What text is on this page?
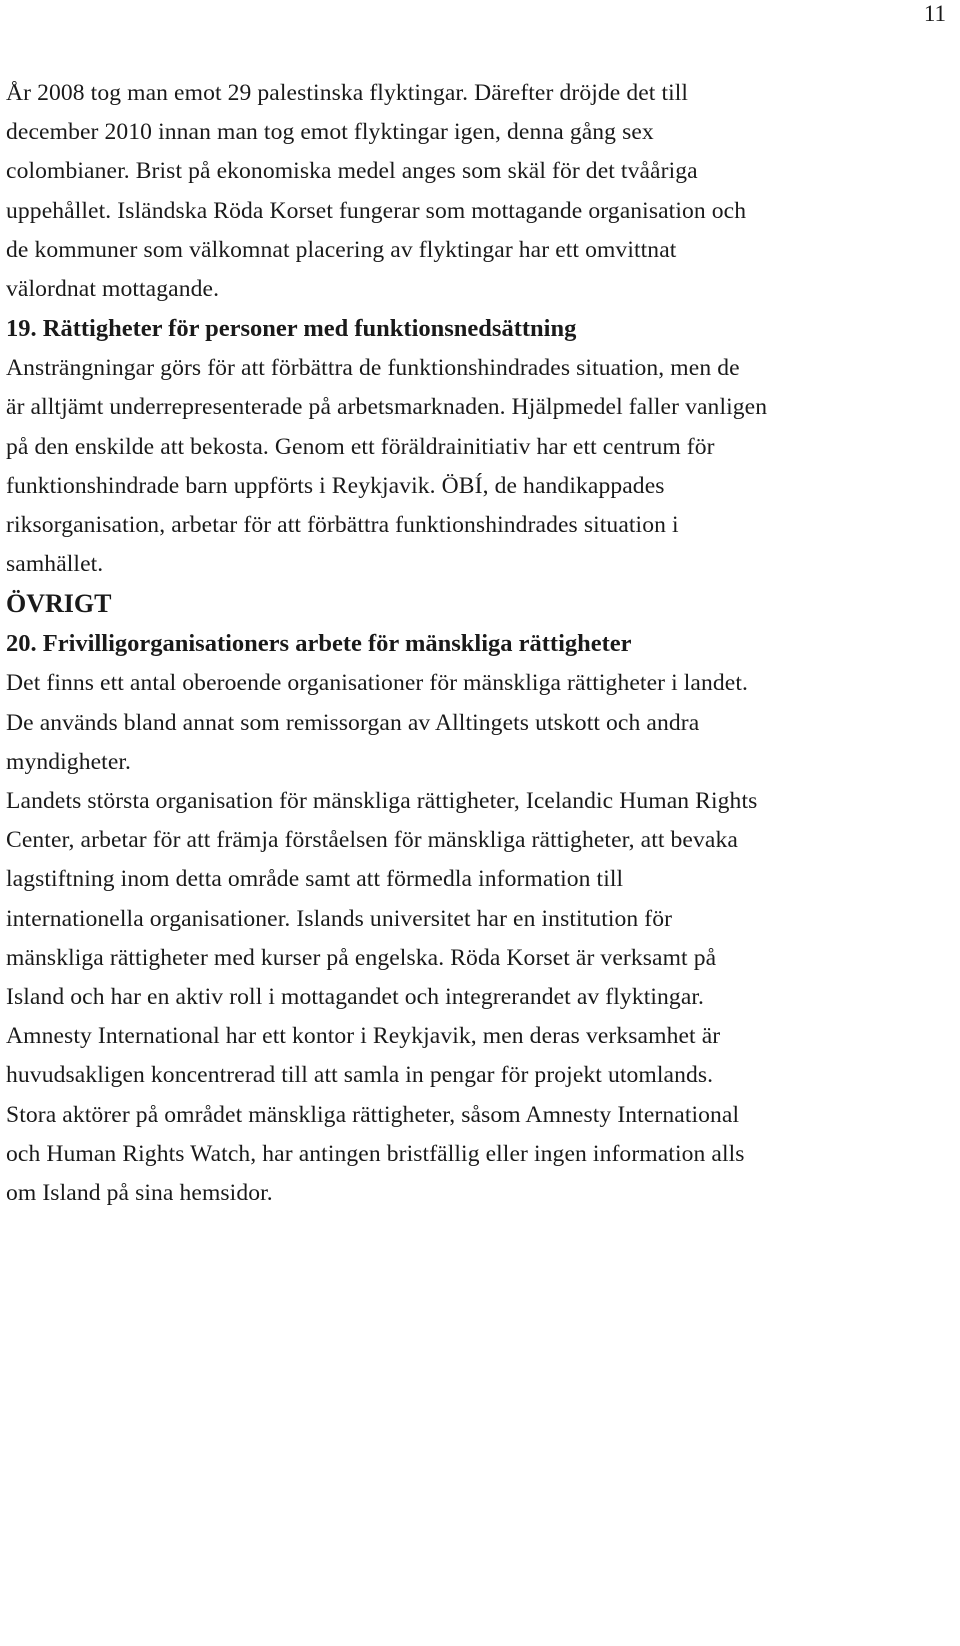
11

År 2008 tog man emot 29 palestinska flyktingar. Därefter dröjde det till
december 2010 innan man tog emot flyktingar igen, denna gång sex
colombianer. Brist på ekonomiska medel anges som skäl för det tvååriga
uppehållet. Isländska Röda Korset fungerar som mottagande organisation och
de kommuner som välkomnat placering av flyktingar har ett omvittnat
välordnat mottagande.

19. Rättigheter för personer med funktionsnedsättning

Ansträngningar görs för att förbättra de funktionshindrades situation, men de
är alltjämt underrepresenterade på arbetsmarknaden. Hjälpmedel faller vanligen
på den enskilde att bekosta. Genom ett föräldrainitiativ har ett centrum för
funktionshindrade barn uppförts i Reykjavik. ÖBÍ, de handikappades
riksorganisation, arbetar för att förbättra funktionshindrades situation i
samhället.

ÖVRIGT
20. Frivilligorganisationers arbete för mänskliga rättigheter

Det finns ett antal oberoende organisationer för mänskliga rättigheter i landet.
De används bland annat som remissorgan av Alltingets utskott och andra
myndigheter.

Landets största organisation för mänskliga rättigheter, Icelandic Human Rights
Center, arbetar för att främja förståelsen för mänskliga rättigheter, att bevaka
lagstiftning inom detta område samt att förmedla information till
internationella organisationer. Islands universitet har en institution för
mänskliga rättigheter med kurser på engelska. Röda Korset är verksamt på
Island och har en aktiv roll i mottagandet och integrerandet av flyktingar.
Amnesty International har ett kontor i Reykjavik, men deras verksamhet är
huvudsakligen koncentrerad till att samla in pengar för projekt utomlands.

Stora aktörer på området mänskliga rättigheter, såsom Amnesty International
och Human Rights Watch, har antingen bristfällig eller ingen information alls
om Island på sina hemsidor.
